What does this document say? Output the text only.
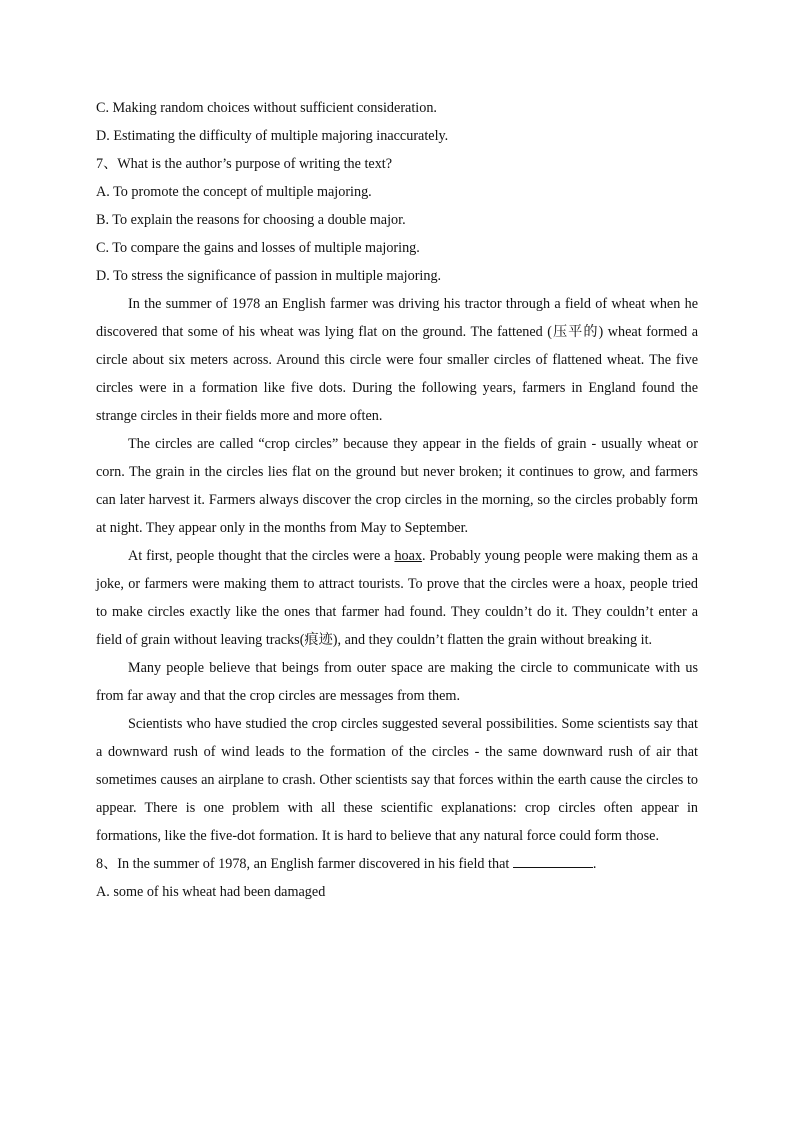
C. Making random choices without sufficient consideration.
D. Estimating the difficulty of multiple majoring inaccurately.
7、What is the author’s purpose of writing the text?
A. To promote the concept of multiple majoring.
B. To explain the reasons for choosing a double major.
C. To compare the gains and losses of multiple majoring.
D. To stress the significance of passion in multiple majoring.

In the summer of 1978 an English farmer was driving his tractor through a field of wheat when he discovered that some of his wheat was lying flat on the ground. The fattened (压平的) wheat formed a circle about six meters across. Around this circle were four smaller circles of flattened wheat. The five circles were in a formation like five dots. During the following years, farmers in England found the strange circles in their fields more and more often.

The circles are called “crop circles” because they appear in the fields of grain - usually wheat or corn. The grain in the circles lies flat on the ground but never broken; it continues to grow, and farmers can later harvest it. Farmers always discover the crop circles in the morning, so the circles probably form at night. They appear only in the months from May to September.

At first, people thought that the circles were a hoax. Probably young people were making them as a joke, or farmers were making them to attract tourists. To prove that the circles were a hoax, people tried to make circles exactly like the ones that farmer had found. They couldn’t do it. They couldn’t enter a field of grain without leaving tracks(痕迹), and they couldn’t flatten the grain without breaking it.

Many people believe that beings from outer space are making the circle to communicate with us from far away and that the crop circles are messages from them.

Scientists who have studied the crop circles suggested several possibilities. Some scientists say that a downward rush of wind leads to the formation of the circles - the same downward rush of air that sometimes causes an airplane to crash. Other scientists say that forces within the earth cause the circles to appear. There is one problem with all these scientific explanations: crop circles often appear in formations, like the five-dot formation. It is hard to believe that any natural force could form those.

8、In the summer of 1978, an English farmer discovered in his field that	.
A. some of his wheat had been damaged
